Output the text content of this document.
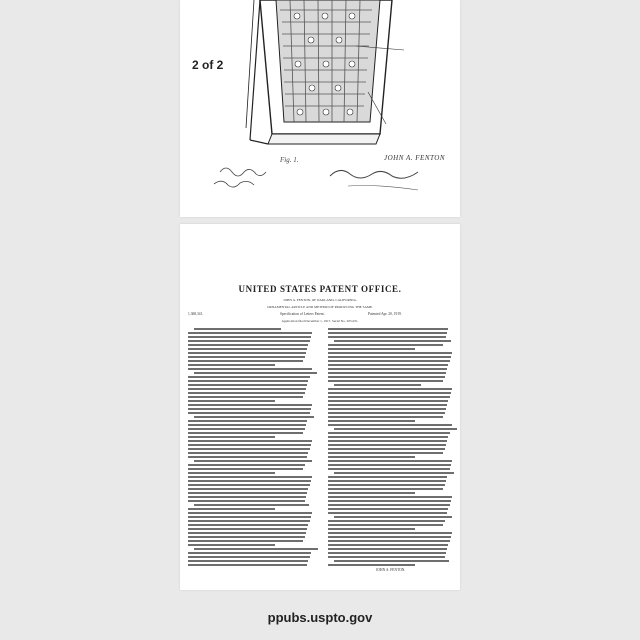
Fig. 1.	JOHN A. FENTON
2 of 2
UNITED STATES PATENT OFFICE.
JOHN A. FENTON, OF OAKLAND, CALIFORNIA.
ORNAMENTAL ARTICLE AND METHOD OF PRODUCING THE SAME.
1,368,341.	Specification of Letters Patent.	Patented Apr. 20, 1919.
Application filed December 1, 1917. Serial No. 205,031.
JOHN A. FENTON.
ppubs.uspto.gov
